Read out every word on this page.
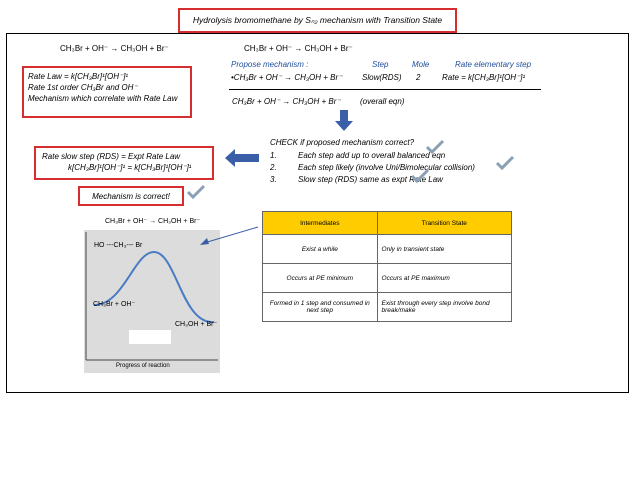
Hydrolysis bromomethane by Sₙ₂ mechanism with Transition State
CH₃Br + OH⁻ → CH₃OH + Br⁻
Rate Law = k[CH₃Br]¹[OH⁻]¹
Rate 1st order CH₃Br and OH⁻
Mechanism which correlate with Rate Law
CH₃Br + OH⁻ → CH₃OH + Br⁻
Propose mechanism :	Step	Mole	Rate elementary step
•CH₃Br + OH⁻ → CH₃OH + Br⁻ Slow(RDS) 2	Rate = k[CH₃Br]¹[OH⁻]¹
CH₃Br + OH⁻ → CH₃OH + Br⁻ (overall eqn)
CHECK if proposed mechanism correct?
1.	Each step add up to overall balanced eqn
2.	Each step likely (involve Uni/Bimolecular collision)
3.	Slow step (RDS) same as expt Rate Law
Rate slow step (RDS) = Expt Rate Law
k[CH₃Br]¹[OH⁻]¹ = k[CH₃Br]¹[OH⁻]¹
Mechanism is correct!
CH₃Br + OH⁻ → CH₃OH + Br⁻
HO ---CH₃--- Br
Progress of reaction
CH₃Br + OH⁻
CH₃OH + Br⁻
Intermediates	Transition State
Exist a while	Only in transient state
Occurs at PE minimum	Occurs at PE maximum
Formed in 1 step and consumed in next step	Exist through every step involve bond break/make
